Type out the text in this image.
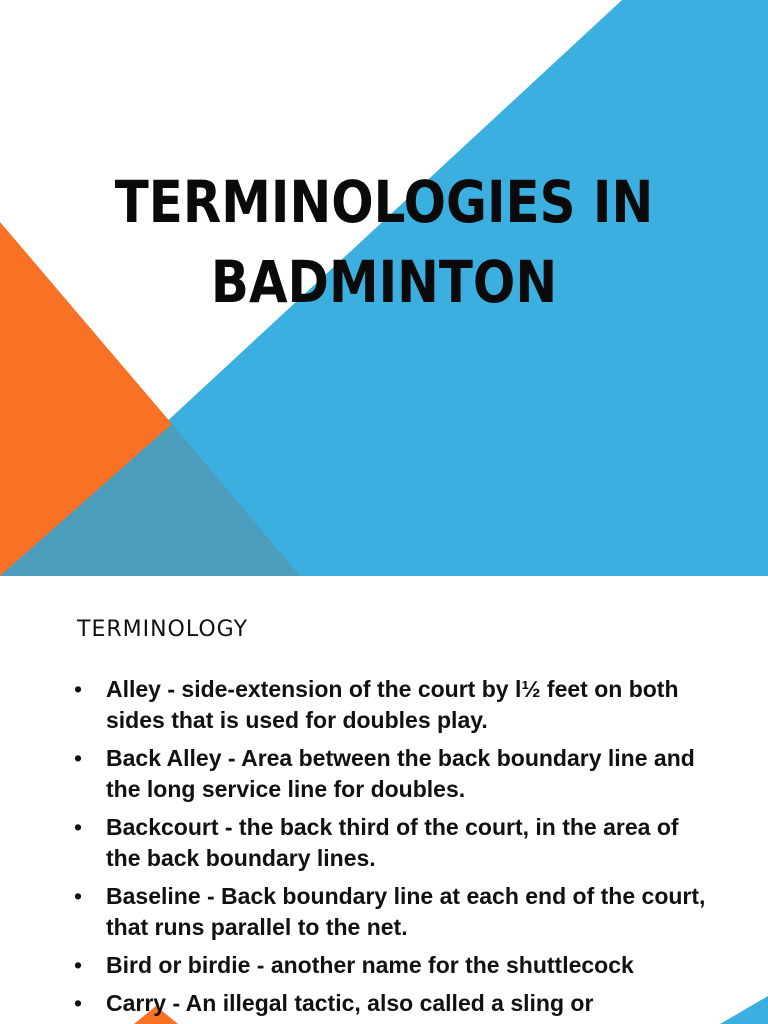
TERMINOLOGIES IN
BADMINTON
TERMINOLOGY
• Alley - side-extension of the court by l½ feet on both sides that is used for doubles play.
• Back Alley - Area between the back boundary line and the long service line for doubles.
• Backcourt - the back third of the court, in the area of the back boundary lines.
• Baseline - Back boundary line at each end of the court, that runs parallel to the net.
• Bird or birdie - another name for the shuttlecock
• Carry - An illegal tactic, also called a sling or
